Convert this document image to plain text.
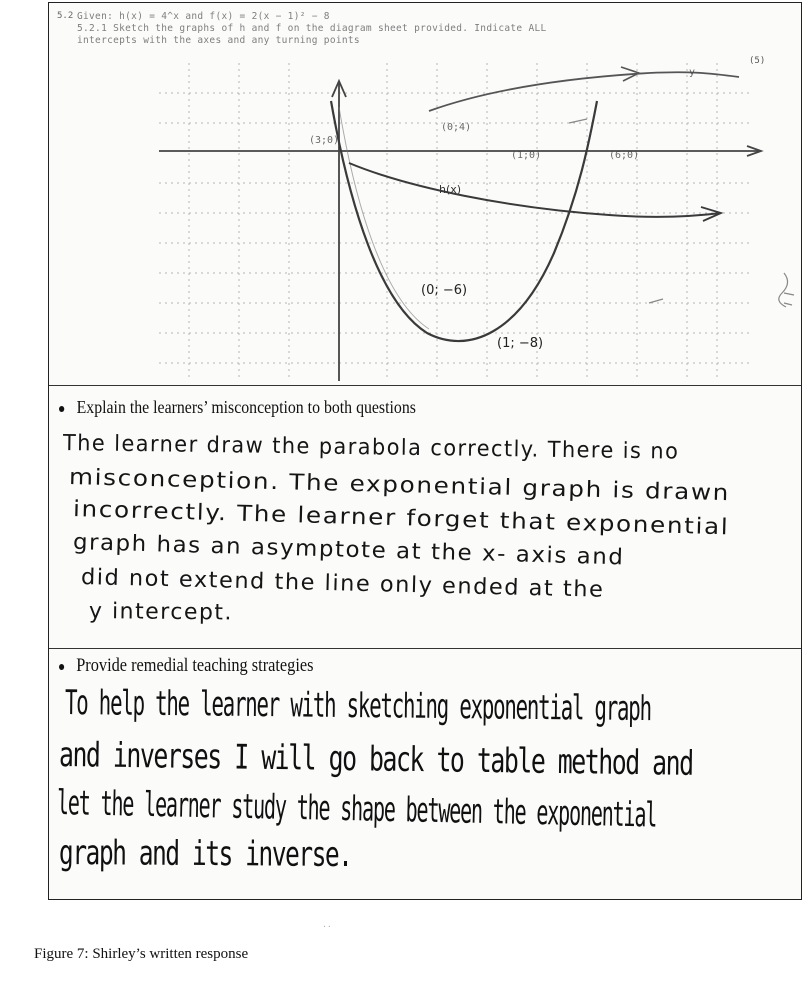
5.2 Given: h(x) = 4^x and f(x) = 2(x − 1)² − 8
5.2.1 Sketch the graphs of h and f on the diagram sheet provided. Indicate ALL
intercepts with the axes and any turning points
(0;4)
(3;0)
(1;0)	(6;0)
y
(0; −6)
(1; −8)
h(x)
(5)
Explain the learners’ misconception to both questions
The learner draw the parabola correctly. There is no
misconception. The exponential graph is drawn
incorrectly. The learner forget that exponential
graph has an asymptote at the x- axis and
did not extend the line only ended at the
y intercept.
Provide remedial teaching strategies
To help the learner with sketching exponential graph
and inverses I will go back to table method and
let the learner study the shape between the exponential
graph and its inverse.
··
Figure 7: Shirley’s written response
